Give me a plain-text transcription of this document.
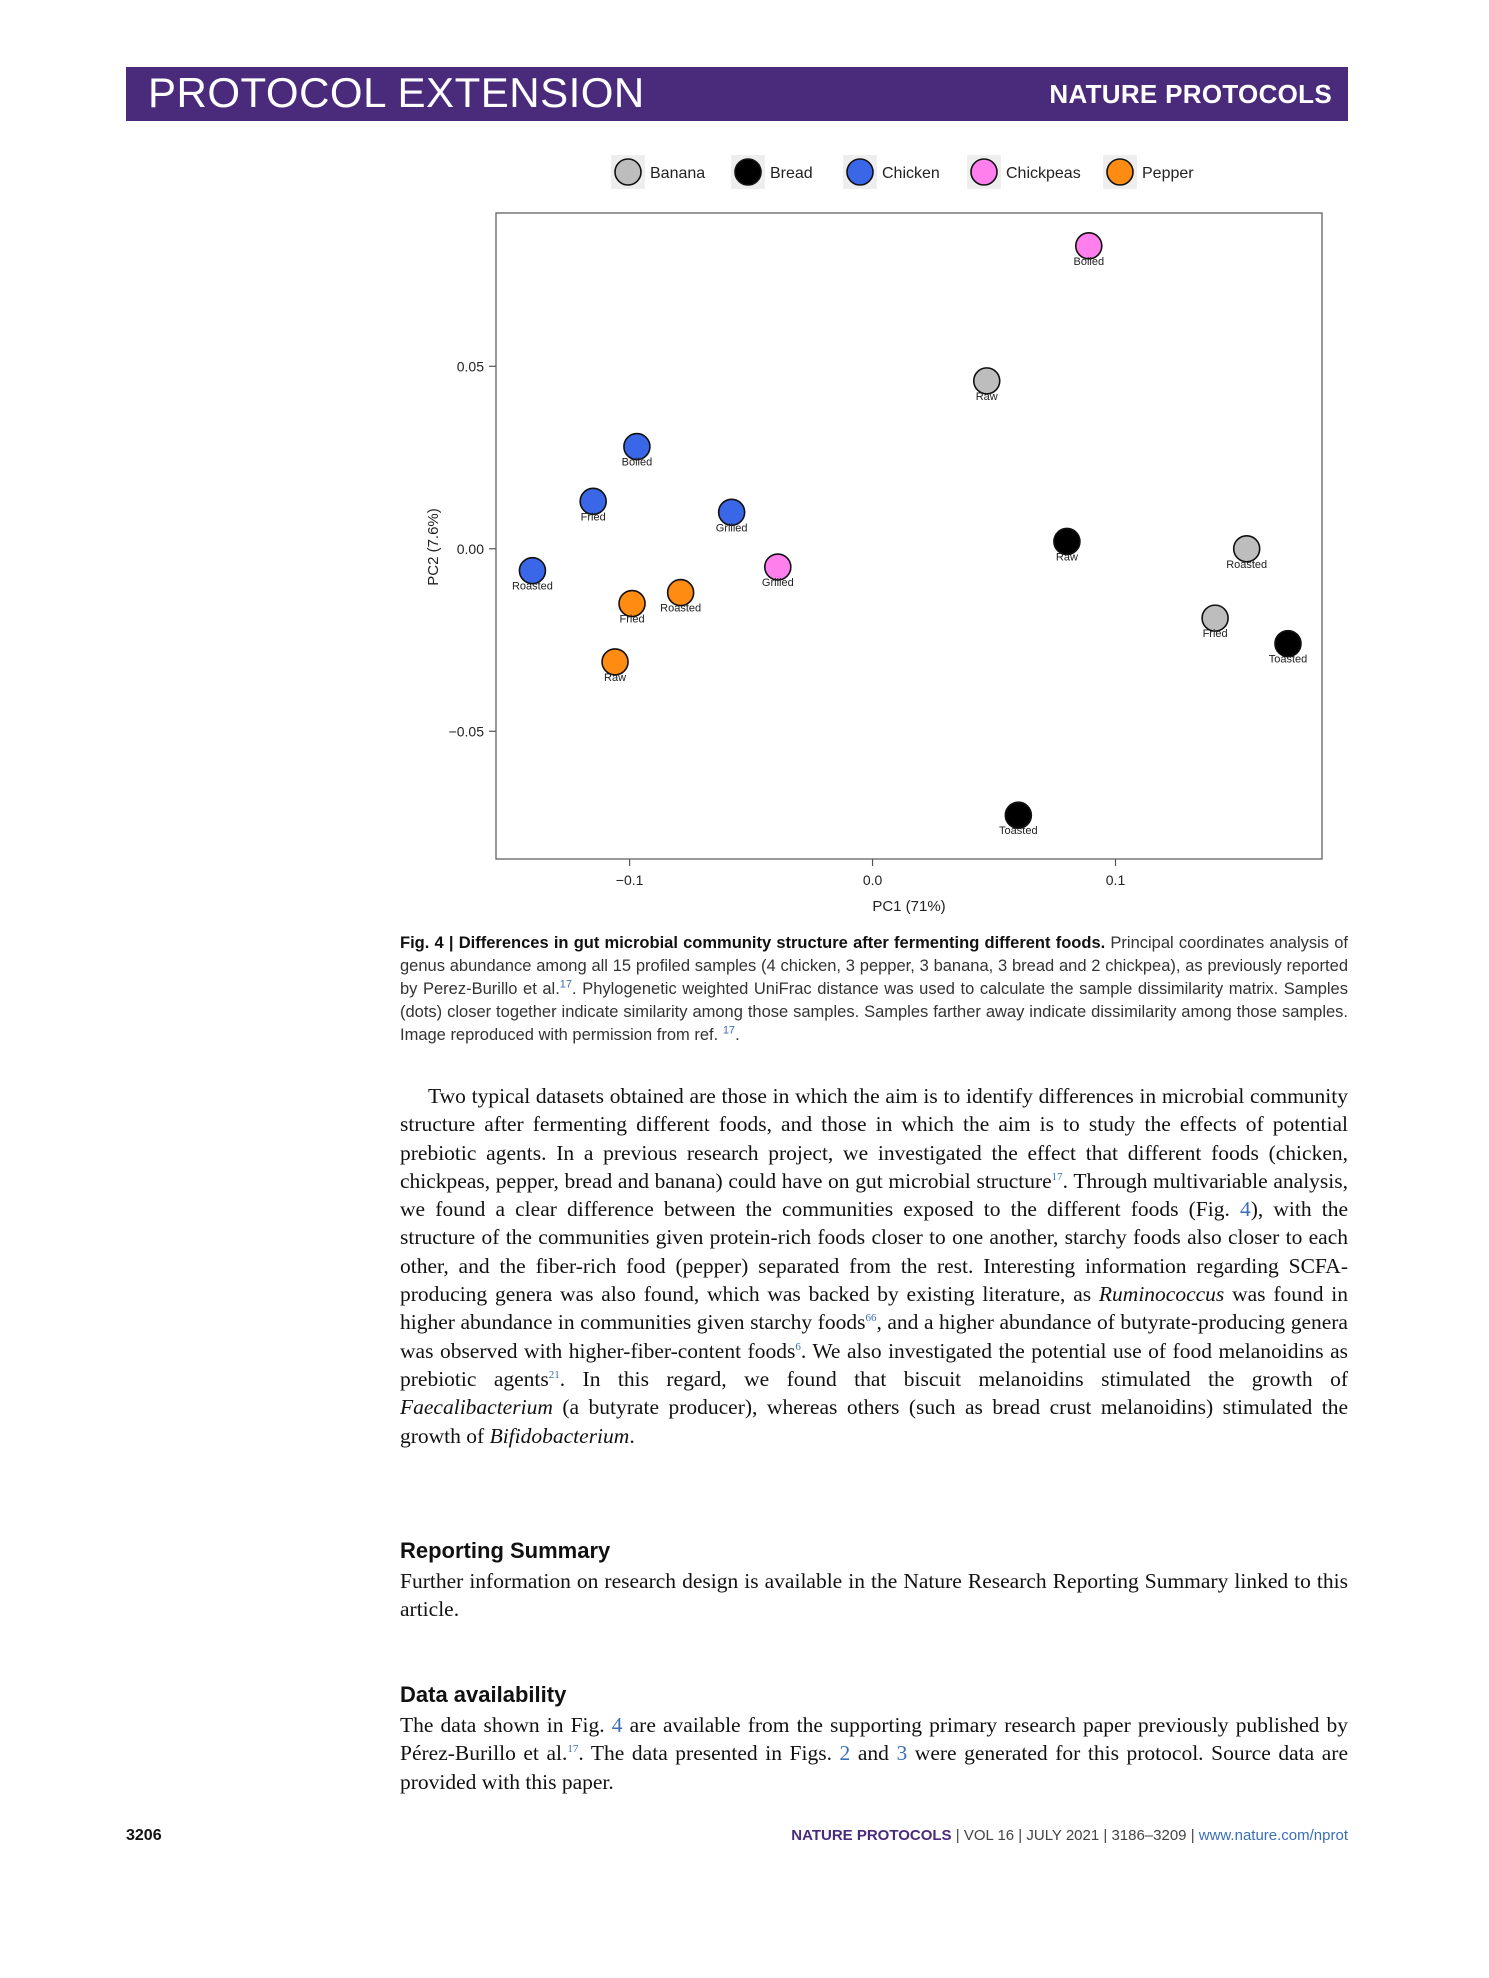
PROTOCOL EXTENSION	NATURE PROTOCOLS
Banana	Bread	Chicken	Chickpeas	Pepper
−0.1	0.0	0.1
−0.05
0.00
0.05
Boiled
Raw
Boiled
Fried
Grilled
Raw
Roasted
Roasted	Grilled
Fried
Roasted
Fried
Toasted
Raw
Toasted
PC1 (71%)
PC2 (7.6%)
Fig. 4 | Differences in gut microbial community structure after fermenting different foods. Principal coordinates analysis of genus abundance among all 15 profiled samples (4 chicken, 3 pepper, 3 banana, 3 bread and 2 chickpea), as previously reported by Perez-Burillo et al.$^{17}$. Phylogenetic weighted UniFrac distance was used to calculate the sample dissimilarity matrix. Samples (dots) closer together indicate similarity among those samples. Samples farther away indicate dissimilarity among those samples. Image reproduced with permission from ref. $^{17}$.

Two typical datasets obtained are those in which the aim is to identify differences in microbial community structure after fermenting different foods, and those in which the aim is to study the effects of potential prebiotic agents. In a previous research project, we investigated the effect that different foods (chicken, chickpeas, pepper, bread and banana) could have on gut microbial structure$^{17}$. Through multivariable analysis, we found a clear difference between the communities exposed to the different foods (Fig. 4), with the structure of the communities given protein-rich foods closer to one another, starchy foods also closer to each other, and the fiber-rich food (pepper) separated from the rest. Interesting information regarding SCFA-producing genera was also found, which was backed by existing literature, as Ruminococcus was found in higher abundance in communities given starchy foods$^{66}$, and a higher abundance of butyrate-producing genera was observed with higher-fiber-content foods$^6$. We also investigated the potential use of food melanoidins as prebiotic agents$^{21}$. In this regard, we found that biscuit melanoidins stimulated the growth of Faecalibacterium (a butyrate producer), whereas others (such as bread crust melanoidins) stimulated the growth of Bifidobacterium.

Reporting Summary
Further information on research design is available in the Nature Research Reporting Summary linked to this article.
Data availability
The data shown in Fig. 4 are available from the supporting primary research paper previously published by Pérez-Burillo et al.$^{17}$. The data presented in Figs. 2 and 3 were generated for this protocol. Source data are provided with this paper.
3206	NATURE PROTOCOLS | VOL 16 | JULY 2021 | 3186–3209 | www.nature.com/nprot
